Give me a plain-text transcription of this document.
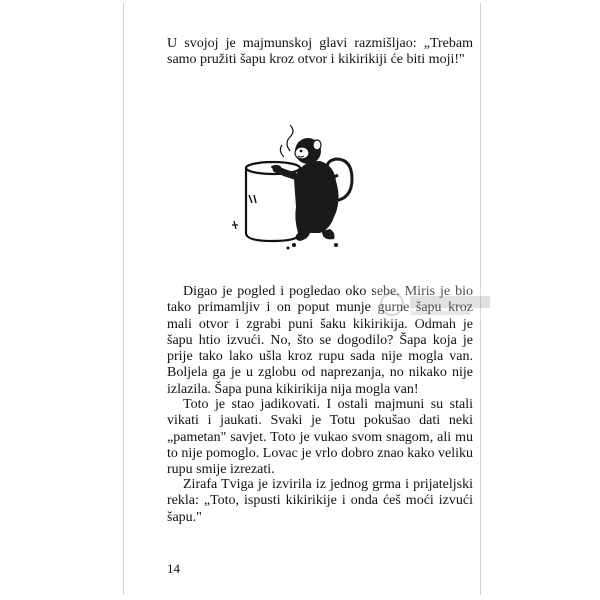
U svojoj je majmunskoj glavi razmišljao: „Trebam samo pružiti šapu kroz otvor i kikirikiji će biti moji!"

Digao je pogled i pogledao oko sebe. Miris je bio tako primamljiv i on poput munje gurne šapu kroz mali otvor i zgrabi puni šaku kikirikija. Odmah je šapu htio izvući. No, što se dogodilo? Šapa koja je prije tako lako ušla kroz rupu sada nije mogla van. Boljela ga je u zglobu od naprezanja, no nikako nije izlazila. Šapa puna kikirikija nija mogla van!

Toto je stao jadikovati. I ostali majmuni su stali vikati i jaukati. Svaki je Totu pokušao dati neki „pametan" savjet. Toto je vukao svom snagom, ali mu to nije pomoglo. Lovac je vrlo dobro znao kako veliku rupu smije izrezati.

Zirafa Tviga je izvirila iz jednog grma i prijateljski rekla: „Toto, ispusti kikirikije i onda ćeš moći izvući šapu."

14
